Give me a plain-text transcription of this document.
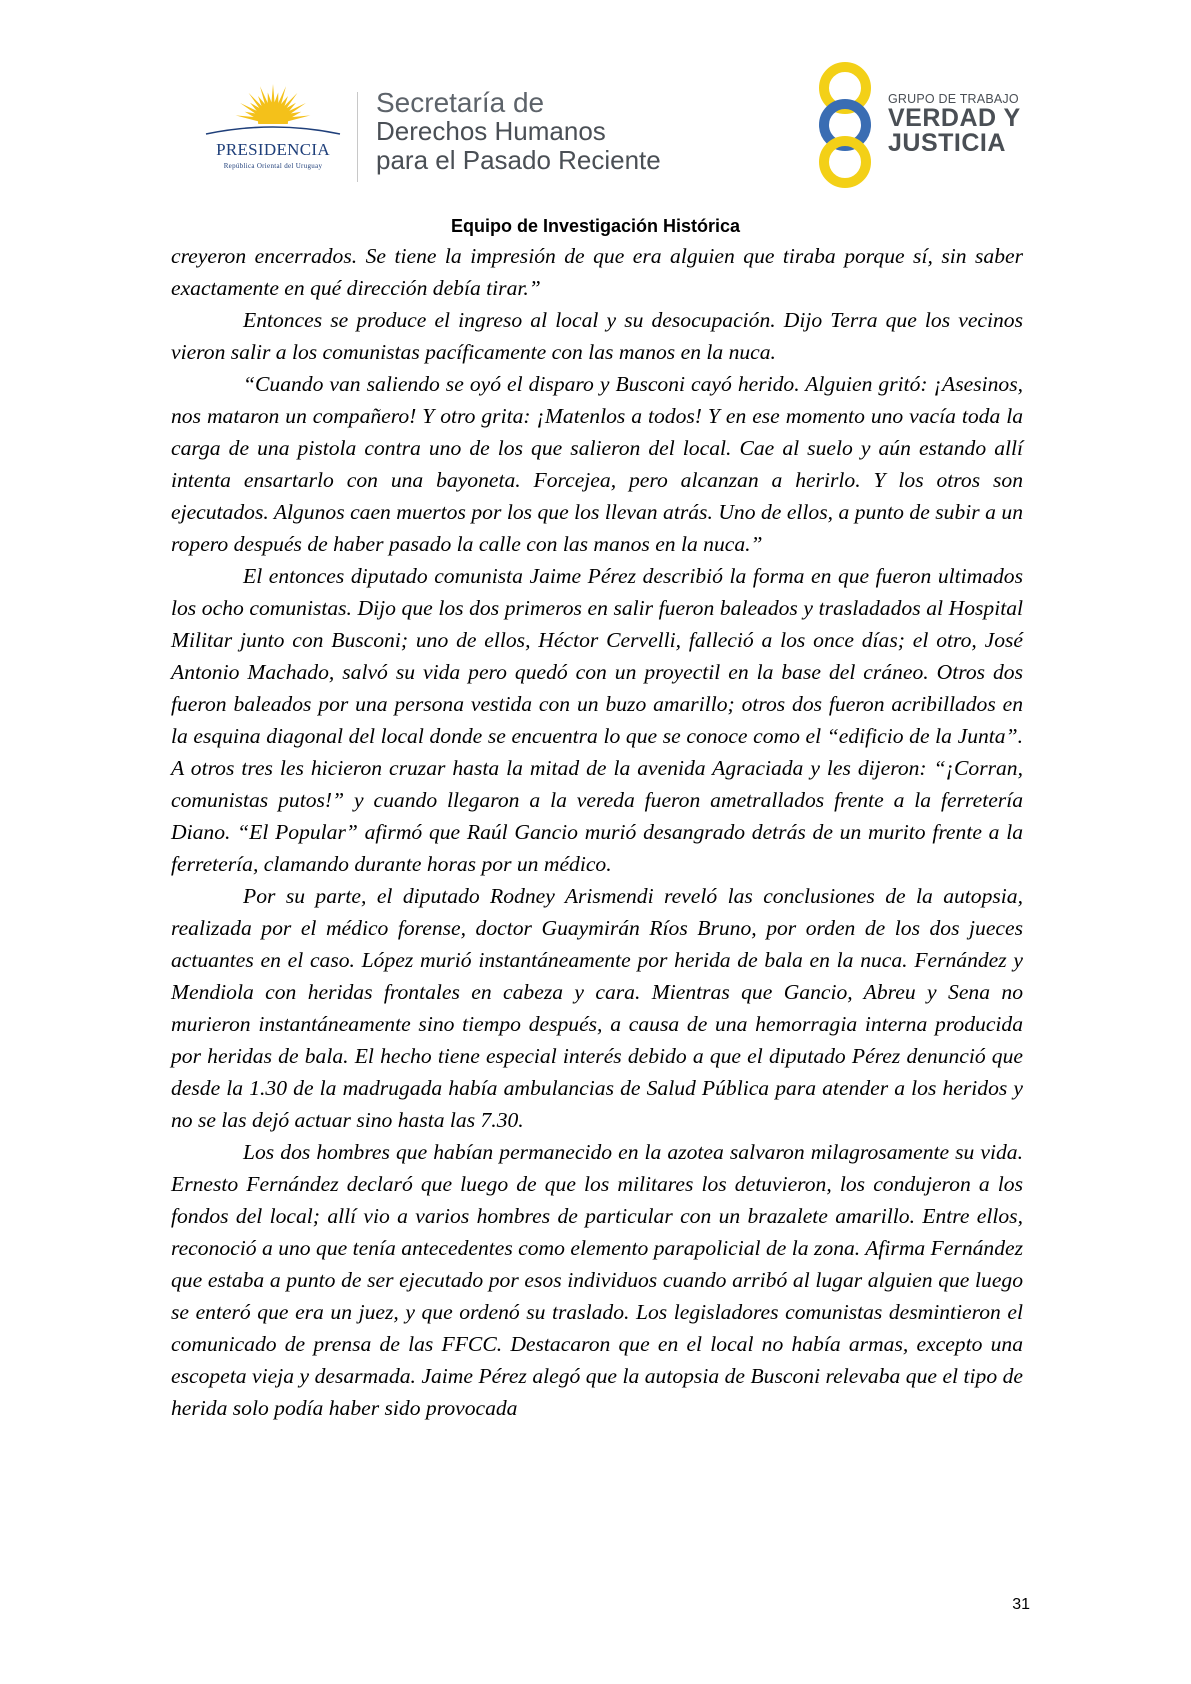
PRESIDENCIA
República Oriental del Uruguay
Secretaría de
Derechos Humanos
para el Pasado Reciente
GRUPO DE TRABAJO
VERDAD Y
JUSTICIA
Equipo de Investigación Histórica

creyeron encerrados. Se tiene la impresión de que era alguien que tiraba porque sí, sin saber exactamente en qué dirección debía tirar.”

Entonces se produce el ingreso al local y su desocupación. Dijo Terra que los vecinos vieron salir a los comunistas pacíficamente con las manos en la nuca.

“Cuando van saliendo se oyó el disparo y Busconi cayó herido. Alguien gritó: ¡Asesinos, nos mataron un compañero! Y otro grita: ¡Matenlos a todos! Y en ese momento uno vacía toda la carga de una pistola contra uno de los que salieron del local. Cae al suelo y aún estando allí intenta ensartarlo con una bayoneta. Forcejea, pero alcanzan a herirlo. Y los otros son ejecutados. Algunos caen muertos por los que los llevan atrás. Uno de ellos, a punto de subir a un ropero después de haber pasado la calle con las manos en la nuca.”

El entonces diputado comunista Jaime Pérez describió la forma en que fueron ultimados los ocho comunistas. Dijo que los dos primeros en salir fueron baleados y trasladados al Hospital Militar junto con Busconi; uno de ellos, Héctor Cervelli, falleció a los once días; el otro, José Antonio Machado, salvó su vida pero quedó con un proyectil en la base del cráneo. Otros dos fueron baleados por una persona vestida con un buzo amarillo; otros dos fueron acribillados en la esquina diagonal del local donde se encuentra lo que se conoce como el “edificio de la Junta”. A otros tres les hicieron cruzar hasta la mitad de la avenida Agraciada y les dijeron: “¡Corran, comunistas putos!” y cuando llegaron a la vereda fueron ametrallados frente a la ferretería Diano. “El Popular” afirmó que Raúl Gancio murió desangrado detrás de un murito frente a la ferretería, clamando durante horas por un médico.

Por su parte, el diputado Rodney Arismendi reveló las conclusiones de la autopsia, realizada por el médico forense, doctor Guaymirán Ríos Bruno, por orden de los dos jueces actuantes en el caso. López murió instantáneamente por herida de bala en la nuca. Fernández y Mendiola con heridas frontales en cabeza y cara. Mientras que Gancio, Abreu y Sena no murieron instantáneamente sino tiempo después, a causa de una hemorragia interna producida por heridas de bala. El hecho tiene especial interés debido a que el diputado Pérez denunció que desde la 1.30 de la madrugada había ambulancias de Salud Pública para atender a los heridos y no se las dejó actuar sino hasta las 7.30.

Los dos hombres que habían permanecido en la azotea salvaron milagrosamente su vida. Ernesto Fernández declaró que luego de que los militares los detuvieron, los condujeron a los fondos del local; allí vio a varios hombres de particular con un brazalete amarillo. Entre ellos, reconoció a uno que tenía antecedentes como elemento parapolicial de la zona. Afirma Fernández que estaba a punto de ser ejecutado por esos individuos cuando arribó al lugar alguien que luego se enteró que era un juez, y que ordenó su traslado. Los legisladores comunistas desmintieron el comunicado de prensa de las FFCC. Destacaron que en el local no había armas, excepto una escopeta vieja y desarmada. Jaime Pérez alegó que la autopsia de Busconi relevaba que el tipo de herida solo podía haber sido provocada

31
